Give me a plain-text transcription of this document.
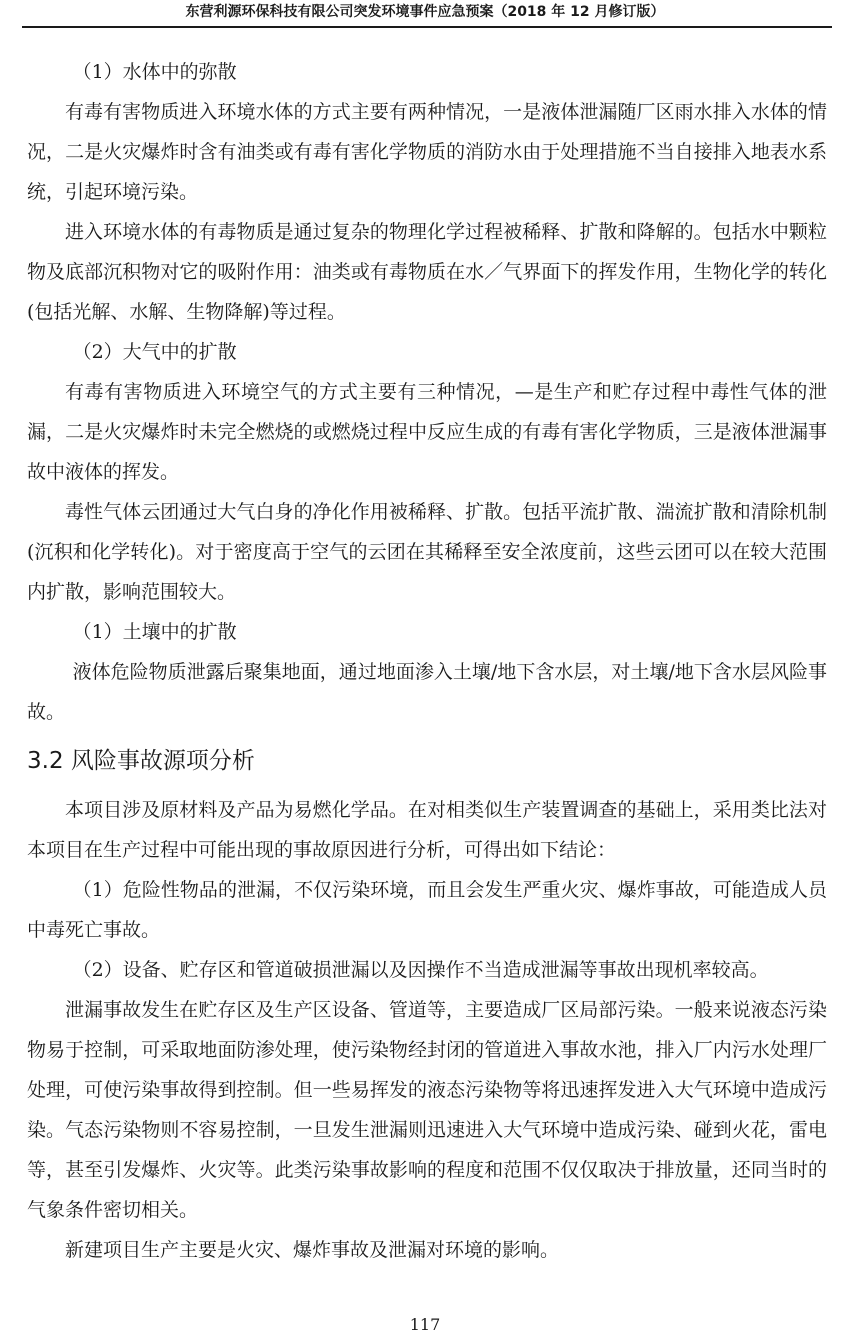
东营利源环保科技有限公司突发环境事件应急预案（2018 年 12 月修订版）

（1）水体中的弥散

有毒有害物质进入环境水体的方式主要有两种情况，一是液体泄漏随厂区雨水排入水体的情况，二是火灾爆炸时含有油类或有毒有害化学物质的消防水由于处理措施不当自接排入地表水系统，引起环境污染。

进入环境水体的有毒物质是通过复杂的物理化学过程被稀释、扩散和降解的。包括水中颗粒物及底部沉积物对它的吸附作用：油类或有毒物质在水／气界面下的挥发作用，生物化学的转化(包括光解、水解、生物降解)等过程。

（2）大气中的扩散

有毒有害物质进入环境空气的方式主要有三种情况，—是生产和贮存过程中毒性气体的泄漏，二是火灾爆炸时未完全燃烧的或燃烧过程中反应生成的有毒有害化学物质，三是液体泄漏事故中液体的挥发。

毒性气体云团通过大气白身的净化作用被稀释、扩散。包括平流扩散、湍流扩散和清除机制(沉积和化学转化)。对于密度高于空气的云团在其稀释至安全浓度前，这些云团可以在较大范围内扩散，影响范围较大。

（1）土壤中的扩散

液体危险物质泄露后聚集地面，通过地面渗入土壤/地下含水层，对土壤/地下含水层风险事故。

3.2 风险事故源项分析

本项目涉及原材料及产品为易燃化学品。在对相类似生产装置调查的基础上，采用类比法对本项目在生产过程中可能出现的事故原因进行分析，可得出如下结论：

（1）危险性物品的泄漏，不仅污染环境，而且会发生严重火灾、爆炸事故，可能造成人员中毒死亡事故。

（2）设备、贮存区和管道破损泄漏以及因操作不当造成泄漏等事故出现机率较高。

泄漏事故发生在贮存区及生产区设备、管道等，主要造成厂区局部污染。一般来说液态污染物易于控制，可采取地面防渗处理，使污染物经封闭的管道进入事故水池，排入厂内污水处理厂处理，可使污染事故得到控制。但一些易挥发的液态污染物等将迅速挥发进入大气环境中造成污染。气态污染物则不容易控制，一旦发生泄漏则迅速进入大气环境中造成污染、碰到火花，雷电等，甚至引发爆炸、火灾等。此类污染事故影响的程度和范围不仅仅取决于排放量，还同当时的气象条件密切相关。

新建项目生产主要是火灾、爆炸事故及泄漏对环境的影响。

117
